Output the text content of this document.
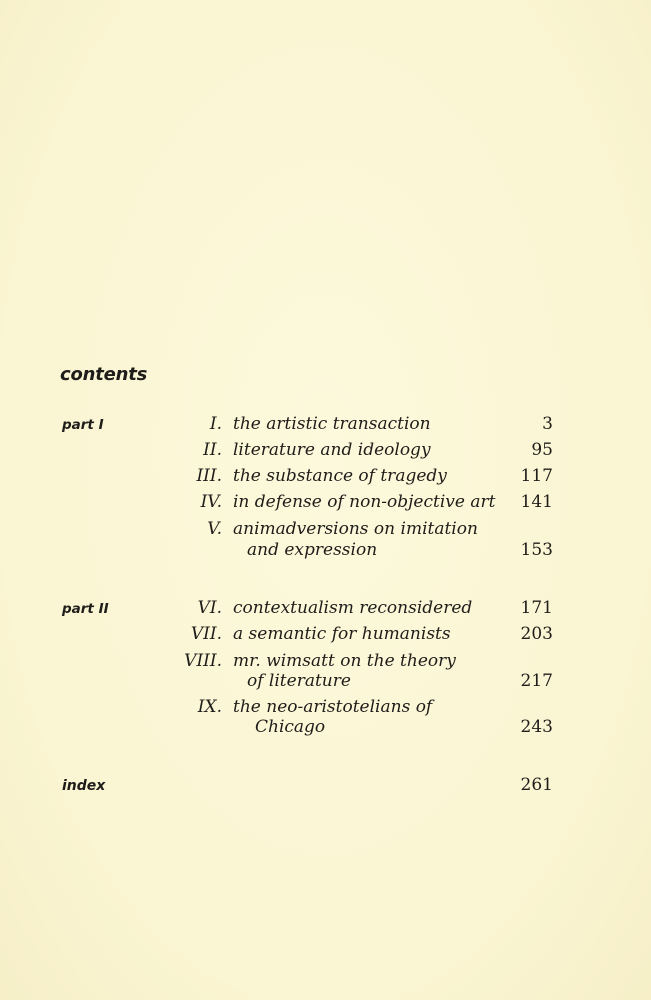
contents
part I	I. the artistic transaction	3
II. literature and ideology	95
III. the substance of tragedy	117
IV. in defense of non-objective art 141
V. animadversions on imitation
and expression	153
part II	VI. contextualism reconsidered	171
VII. a semantic for humanists	203
VIII. mr. wimsatt on the theory
of literature	217
IX. the neo-aristotelians of
Chicago	243
index	261
